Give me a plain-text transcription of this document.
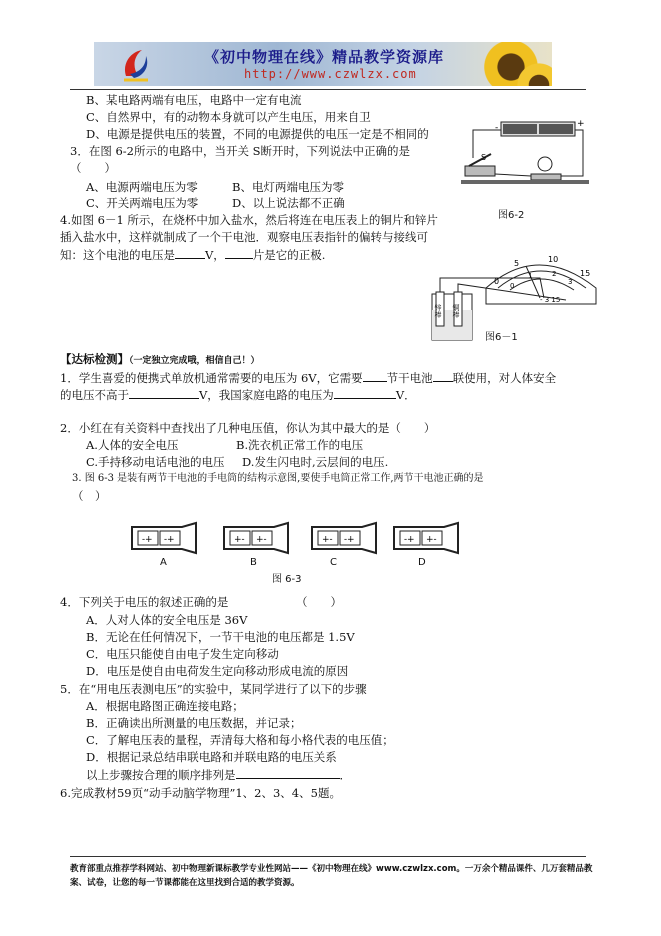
《初中物理在线》精品教学资源库
http://www.czwlzx.com
B、某电路两端有电压，电路中一定有电流
C、自然界中，有的动物本身就可以产生电压，用来自卫
D、电源是提供电压的装置，不同的电源提供的电压一定是不相同的
3．在图 6-2所示的电路中，当开关 S断开时，下列说法中正确的是
（　　）
A、电源两端电压为零	B、电灯两端电压为零
C、开关两端电压为零	D、以上说法都不正确
4.如图 6－1 所示，在烧杯中加入盐水，然后将连在电压表上的铜片和锌片
插入盐水中，这样就制成了一个干电池．观察电压表指针的偏转与接线可
知：这个电池的电压是	V， 片是它的正极.
-	+
S
图6-2
0
5	10
15
0
1	2
3
- 3 15
锌棒 铜棒
图6－1
【达标检测】（一定独立完成哦，相信自己！）
1．学生喜爱的便携式单放机通常需要的电压为 6V，它需要 节干电池 联使用，对人体安全
的电压不高于	V，我国家庭电路的电压为	V．
2．小红在有关资料中查找出了几种电压值，你认为其中最大的是（　　）
A.人体的安全电压	B.洗衣机正常工作的电压
C.手持移动电话电池的电压 D.发生闪电时,云层间的电压.
3. 图 6-3 是装有两节干电池的手电筒的结构示意图,要使手电筒正常工作,两节干电池正确的是
（　）
-+ -+	+- +-	+- -+	-+ +-
A	B	C	D
图 6-3
4．下列关于电压的叙述正确的是	（　　）
A．人对人体的安全电压是 36V
B．无论在任何情况下，一节干电池的电压都是 1.5V
C．电压只能使自由电子发生定向移动
D．电压是使自由电荷发生定向移动形成电流的原因
5．在“用电压表测电压”的实验中，某同学进行了以下的步骤
A．根据电路图正确连接电路；
B．正确读出所测量的电压数据，并记录；
C．了解电压表的量程，弄清每大格和每小格代表的电压值；
D．根据记录总结串联电路和并联电路的电压关系
以上步骤按合理的顺序排列是	．
6.完成教材59页“动手动脑学物理”1、2、3、4、5题。
教育部重点推荐学科网站、初中物理新课标教学专业性网站——《初中物理在线》www.czwlzx.com。一万余个精品课件、几万套精品教案、试卷，让您的每一节课都能在这里找到合适的教学资源。
